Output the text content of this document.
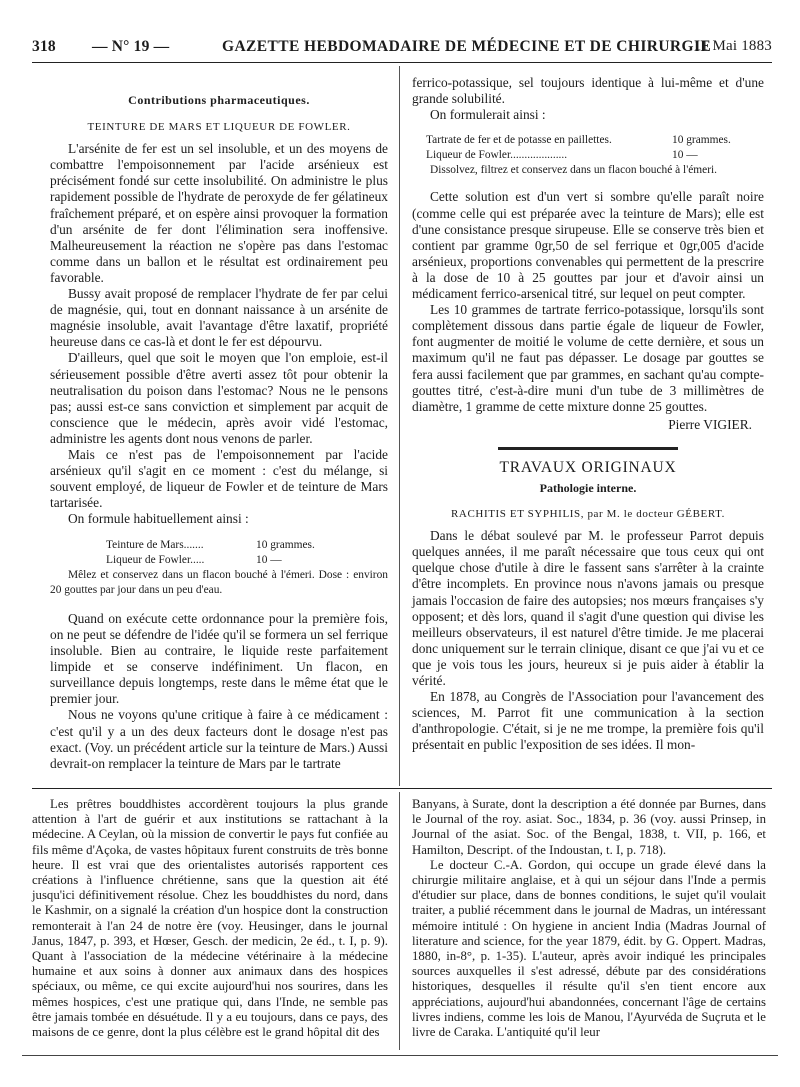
318 — N° 19 —	GAZETTE HEBDOMADAIRE DE MÉDECINE ET DE CHIRURGIE
11 Mai 1883
Contributions pharmaceutiques.
TEINTURE DE MARS ET LIQUEUR DE FOWLER.

L'arsénite de fer est un sel insoluble, et un des moyens de combattre l'empoisonnement par l'acide arsénieux est précisément fondé sur cette insolubilité. On administre le plus rapidement possible de l'hydrate de peroxyde de fer gélatineux fraîchement préparé, et on espère ainsi provoquer la formation d'un arsénite de fer dont l'élimination sera inoffensive. Malheureusement la réaction ne s'opère pas dans l'estomac comme dans un ballon et le résultat est ordinairement peu favorable.

Bussy avait proposé de remplacer l'hydrate de fer par celui de magnésie, qui, tout en donnant naissance à un arsénite de magnésie insoluble, avait l'avantage d'être laxatif, propriété heureuse dans ce cas-là et dont le fer est dépourvu.

D'ailleurs, quel que soit le moyen que l'on emploie, est-il sérieusement possible d'être averti assez tôt pour obtenir la neutralisation du poison dans l'estomac? Nous ne le pensons pas; aussi est-ce sans conviction et simplement par acquit de conscience que le médecin, après avoir vidé l'estomac, administre les agents dont nous venons de parler.

Mais ce n'est pas de l'empoisonnement par l'acide arsénieux qu'il s'agit en ce moment : c'est du mélange, si souvent employé, de liqueur de Fowler et de teinture de Mars tartarisée.

On formule habituellement ainsi :

Teinture de Mars.......	10 grammes.
Liqueur de Fowler.....	10 —

Mêlez et conservez dans un flacon bouché à l'émeri. Dose : environ 20 gouttes par jour dans un peu d'eau.

Quand on exécute cette ordonnance pour la première fois, on ne peut se défendre de l'idée qu'il se formera un sel ferrique insoluble. Bien au contraire, le liquide reste parfaitement limpide et se conserve indéfiniment. Un flacon, en surveillance depuis longtemps, reste dans le même état que le premier jour.

Nous ne voyons qu'une critique à faire à ce médicament : c'est qu'il y a un des deux facteurs dont le dosage n'est pas exact. (Voy. un précédent article sur la teinture de Mars.) Aussi devrait-on remplacer la teinture de Mars par le tartrate

ferrico-potassique, sel toujours identique à lui-même et d'une grande solubilité.

On formulerait ainsi :

Tartrate de fer et de potasse en paillettes.	10 grammes.
Liqueur de Fowler....................	10 —

Dissolvez, filtrez et conservez dans un flacon bouché à l'émeri.

Cette solution est d'un vert si sombre qu'elle paraît noire (comme celle qui est préparée avec la teinture de Mars); elle est d'une consistance presque sirupeuse. Elle se conserve très bien et contient par gramme 0gr,50 de sel ferrique et 0gr,005 d'acide arsénieux, proportions convenables qui permettent de la prescrire à la dose de 10 à 25 gouttes par jour et d'avoir ainsi un médicament ferrico-arsenical titré, sur lequel on peut compter.

Les 10 grammes de tartrate ferrico-potassique, lorsqu'ils sont complètement dissous dans partie égale de liqueur de Fowler, font augmenter de moitié le volume de cette dernière, et sous un maximum qu'il ne faut pas dépasser. Le dosage par gouttes se fera aussi facilement que par grammes, en sachant qu'au compte-gouttes titré, c'est-à-dire muni d'un tube de 3 millimètres de diamètre, 1 gramme de cette mixture donne 25 gouttes.

Pierre VIGIER.
TRAVAUX ORIGINAUX
Pathologie interne.
RACHITIS ET SYPHILIS, par M. le docteur GÉBERT.

Dans le débat soulevé par M. le professeur Parrot depuis quelques années, il me paraît nécessaire que tous ceux qui ont quelque chose d'utile à dire le fassent sans s'arrêter à la crainte d'être incomplets. En province nous n'avons jamais ou presque jamais l'occasion de faire des autopsies; nos mœurs françaises s'y opposent; et dès lors, quand il s'agit d'une question qui divise les meilleurs observateurs, il est naturel d'être timide. Je me placerai donc uniquement sur le terrain clinique, disant ce que j'ai vu et ce que je vois tous les jours, heureux si je puis aider à établir la vérité.

En 1878, au Congrès de l'Association pour l'avancement des sciences, M. Parrot fit une communication à la section d'anthropologie. C'était, si je ne me trompe, la première fois qu'il présentait en public l'exposition de ses idées. Il mon-

Les prêtres bouddhistes accordèrent toujours la plus grande attention à l'art de guérir et aux institutions se rattachant à la médecine. A Ceylan, où la mission de convertir le pays fut confiée au fils même d'Açoka, de vastes hôpitaux furent construits de très bonne heure. Il est vrai que des orientalistes autorisés rapportent ces créations à l'influence chrétienne, sans que la question ait été jusqu'ici définitivement résolue. Chez les bouddhistes du nord, dans le Kashmir, on a signalé la création d'un hospice dont la construction remonterait à l'an 24 de notre ère (voy. Heusinger, dans le journal Janus, 1847, p. 393, et Hœser, Gesch. der medicin, 2e éd., t. I, p. 9). Quant à l'association de la médecine vétérinaire à la médecine humaine et aux soins à donner aux animaux dans des hospices spéciaux, ou même, ce qui excite aujourd'hui nos sourires, dans les mêmes hospices, c'est une pratique qui, dans l'Inde, ne semble pas être jamais tombée en désuétude. Il y a eu toujours, dans ce pays, des maisons de ce genre, dont la plus célèbre est le grand hôpital dit des

Banyans, à Surate, dont la description a été donnée par Burnes, dans le Journal of the roy. asiat. Soc., 1834, p. 36 (voy. aussi Prinsep, in Journal of the asiat. Soc. of the Bengal, 1838, t. VII, p. 166, et Hamilton, Descript. of the Indoustan, t. I, p. 718).

Le docteur C.-A. Gordon, qui occupe un grade élevé dans la chirurgie militaire anglaise, et à qui un séjour dans l'Inde a permis d'étudier sur place, dans de bonnes conditions, le sujet qu'il voulait traiter, a publié récemment dans le journal de Madras, un intéressant mémoire intitulé : On hygiene in ancient India (Madras Journal of literature and science, for the year 1879, édit. by G. Oppert. Madras, 1880, in-8°, p. 1-35). L'auteur, après avoir indiqué les principales sources auxquelles il s'est adressé, débute par des considérations historiques, desquelles il résulte qu'il s'en tient encore aux appréciations, aujourd'hui abandonnées, concernant l'âge de certains livres indiens, comme les lois de Manou, l'Ayurvéda de Suçruta et le livre de Caraka. L'antiquité qu'il leur
